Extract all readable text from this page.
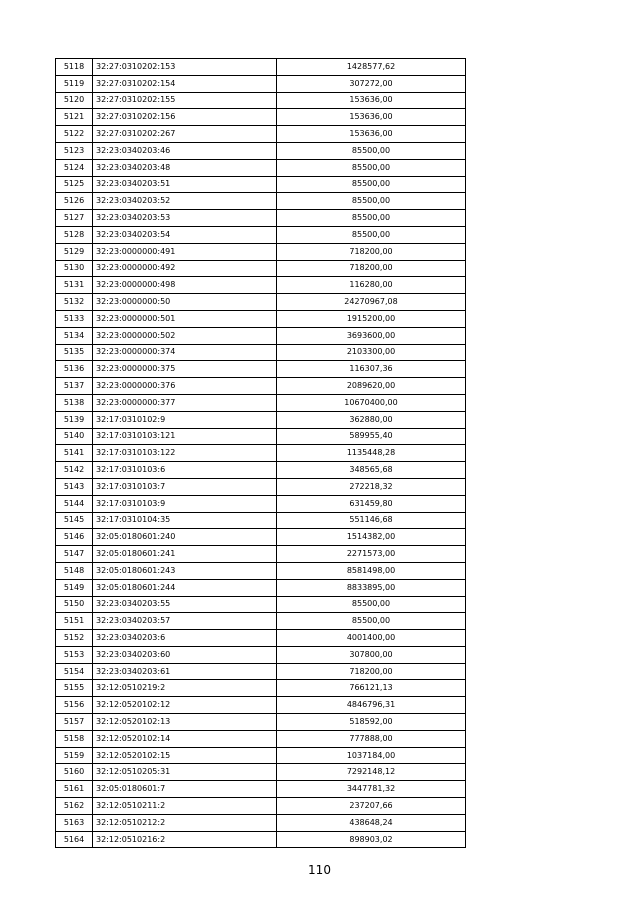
5118	32:27:0310202:153	1428577,62
5119	32:27:0310202:154	307272,00
5120	32:27:0310202:155	153636,00
5121	32:27:0310202:156	153636,00
5122	32:27:0310202:267	153636,00
5123	32:23:0340203:46	85500,00
5124	32:23:0340203:48	85500,00
5125	32:23:0340203:51	85500,00
5126	32:23:0340203:52	85500,00
5127	32:23:0340203:53	85500,00
5128	32:23:0340203:54	85500,00
5129	32:23:0000000:491	718200,00
5130	32:23:0000000:492	718200,00
5131	32:23:0000000:498	116280,00
5132	32:23:0000000:50	24270967,08
5133	32:23:0000000:501	1915200,00
5134	32:23:0000000:502	3693600,00
5135	32:23:0000000:374	2103300,00
5136	32:23:0000000:375	116307,36
5137	32:23:0000000:376	2089620,00
5138	32:23:0000000:377	10670400,00
5139	32:17:0310102:9	362880,00
5140	32:17:0310103:121	589955,40
5141	32:17:0310103:122	1135448,28
5142	32:17:0310103:6	348565,68
5143	32:17:0310103:7	272218,32
5144	32:17:0310103:9	631459,80
5145	32:17:0310104:35	551146,68
5146	32:05:0180601:240	1514382,00
5147	32:05:0180601:241	2271573,00
5148	32:05:0180601:243	8581498,00
5149	32:05:0180601:244	8833895,00
5150	32:23:0340203:55	85500,00
5151	32:23:0340203:57	85500,00
5152	32:23:0340203:6	4001400,00
5153	32:23:0340203:60	307800,00
5154	32:23:0340203:61	718200,00
5155	32:12:0510219:2	766121,13
5156	32:12:0520102:12	4846796,31
5157	32:12:0520102:13	518592,00
5158	32:12:0520102:14	777888,00
5159	32:12:0520102:15	1037184,00
5160	32:12:0510205:31	7292148,12
5161	32:05:0180601:7	3447781,32
5162	32:12:0510211:2	237207,66
5163	32:12:0510212:2	438648,24
5164	32:12:0510216:2	898903,02
110
